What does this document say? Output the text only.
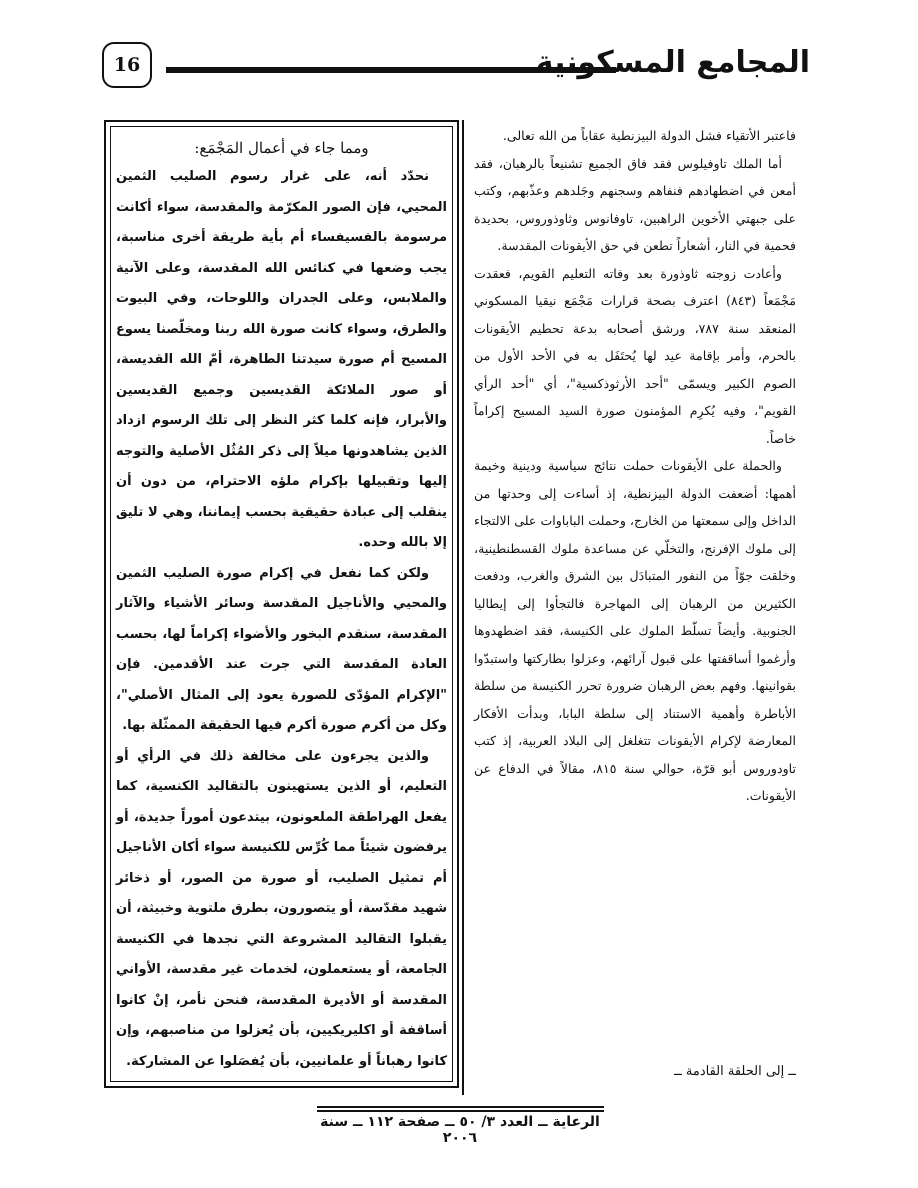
16	المجامع المسكونية
ومما جاء في أعمال المَجْمَع:

نحدّد أنه، على غرار رسوم الصليب الثمين المحيي، فإن الصور المكرّمة والمقدسة، سواء أكانت مرسومة بالفسيفساء أم بأية طريقة أخرى مناسبة، يجب وضعها في كنائس الله المقدسة، وعلى الآنية والملابس، وعلى الجدران واللوحات، وفي البيوت والطرق، وسواء كانت صورة الله ربنا ومخلّصنا يسوع المسيح أم صورة سيدتنا الطاهرة، أمّ الله القديسة، أو صور الملائكة القديسين وجميع القديسين والأبرار، فإنه كلما كثر النظر إلى تلك الرسوم ازداد الذين يشاهدونها ميلاً إلى ذكر المُثُل الأصلية والتوجه إليها وتقبيلها بإكرام ملؤه الاحترام، من دون أن ينقلب إلى عبادة حقيقية بحسب إيماننا، وهي لا تليق إلا بالله وحده.

ولكن كما نفعل في إكرام صورة الصليب الثمين والمحيي والأناجيل المقدسة وسائر الأشياء والآثار المقدسة، سنقدم البخور والأضواء إكراماً لها، بحسب العادة المقدسة التي جرت عند الأقدمين. فإن "الإكرام المؤدّى للصورة يعود إلى المثال الأصلي"، وكل من أكرم صورة أكرم فيها الحقيقة الممثّلة بها.

والذين يجرءون على مخالفة ذلك في الرأي أو التعليم، أو الذين يستهينون بالتقاليد الكنسية، كما يفعل الهراطقة الملعونون، بيتدعون أموراً جديدة، أو يرفضون شيئاً مما كُرِّس للكنيسة سواء أكان الأناجيل أم تمثيل الصليب، أو صورة من الصور، أو ذخائر شهيد مقدّسة، أو يتصورون، بطرق ملتوية وخبيثة، أن يقبلوا التقاليد المشروعة التي نجدها في الكنيسة الجامعة، أو يستعملون، لخدمات غير مقدسة، الأواني المقدسة أو الأديرة المقدسة، فنحن نأمر، إنْ كانوا أساقفة أو اكليريكيين، بأن يُعزلوا من مناصبهم، وإن كانوا رهباناً أو علمانيين، بأن يُفصَلوا عن المشاركة.

فاعتبر الأتقياء فشل الدولة البيزنطية عقاباً من الله تعالى.

أما الملك تاوفيلوس فقد فاق الجميع تشنيعاً بالرهبان، فقد أمعن في اضطهادهم فنفاهم وسجنهم وجَلدهم وعذّبهم، وكتب على جبهتي الأخوين الراهبين، تاوفانوس وثاوذوروس، بحديدة فحمية في النار، أشعاراً تطعن في حق الأيقونات المقدسة.

وأعادت زوجته ثاوذورة بعد وفاته التعليم القويم، فعقدت مَجْمَعاً (٨٤٣) اعترف بصحة قرارات مَجْمَع نيقيا المسكوني المنعقد سنة ٧٨٧، ورشق أصحابه بدعة تحطيم الأيقونات بالحرم، وأمر بإقامة عيد لها يُحتَفَل به في الأحد الأول من الصوم الكبير ويسمّى "أحد الأرثوذكسية"، أي "أحد الرأي القويم"، وفيه يُكرِم المؤمنون صورة السيد المسيح إكراماً خاصاً.

والحملة على الأيقونات حملت نتائج سياسية ودينية وخيمة أهمها: أضعفت الدولة البيزنطية، إذ أساءت إلى وحدتها من الداخل وإلى سمعتها من الخارج، وحملت الباباوات على الالتجاء إلى ملوك الإفرنج، والتخلّي عن مساعدة ملوك القسطنطينية، وخلقت جوّاً من النفور المتبادَل بين الشرق والغرب، ودفعت الكثيرين من الرهبان إلى المهاجرة فالتجأوا إلى إيطاليا الجنوبية. وأيضاً تسلّط الملوك على الكنيسة، فقد اضطهدوها وأرغموا أساقفتها على قبول آرائهم، وعزلوا بطاركتها واستبدّوا بقوانينها. وفهم بعض الرهبان ضرورة تحرر الكنيسة من سلطة الأباطرة وأهمية الاستناد إلى سلطة البابا، وبدأت الأفكار المعارضة لإكرام الأيقونات تتغلغل إلى البلاد العربية، إذ كتب تاودوروس أبو قرّة، حوالي سنة ٨١٥، مقالاً في الدفاع عن الأيقونات.

ــ إلى الحلقة القادمة ــ
الرعاية ــ العدد ٣/ ٥٠ ــ صفحة ١١٢ ــ سنة ٢٠٠٦
